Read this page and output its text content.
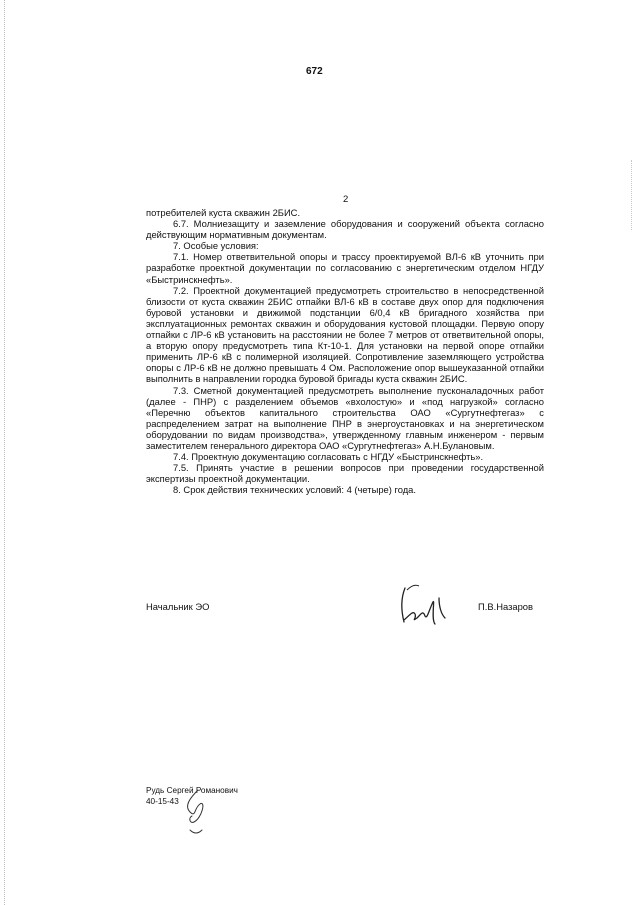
672
2

потребителей куста скважин 2БИС.

6.7. Молниезащиту и заземление оборудования и сооружений объекта согласно действующим нормативным документам.

7. Особые условия:

7.1. Номер ответвительной опоры и трассу проектируемой ВЛ-6 кВ уточнить при разработке проектной документации по согласованию с энергетическим отделом НГДУ «Быстринскнефть».

7.2. Проектной документацией предусмотреть строительство в непосредственной близости от куста скважин 2БИС отпайки ВЛ-6 кВ в составе двух опор для подключения буровой установки и движимой подстанции 6/0,4 кВ бригадного хозяйства при эксплуатационных ремонтах скважин и оборудования кустовой площадки. Первую опору отпайки с ЛР-6 кВ установить на расстоянии не более 7 метров от ответвительной опоры, а вторую опору предусмотреть типа Кт-10-1. Для установки на первой опоре отпайки применить ЛР-6 кВ с полимерной изоляцией. Сопротивление заземляющего устройства опоры с ЛР-6 кВ не должно превышать 4 Ом. Расположение опор вышеуказанной отпайки выполнить в направлении городка буровой бригады куста скважин 2БИС.

7.3. Сметной документацией предусмотреть выполнение пусконаладочных работ (далее - ПНР) с разделением объемов «вхолостую» и «под нагрузкой» согласно «Перечню объектов капитального строительства ОАО «Сургутнефтегаз» с распределением затрат на выполнение ПНР в энергоустановках и на энергетическом оборудовании по видам производства», утвержденному главным инженером - первым заместителем генерального директора ОАО «Сургутнефтегаз» А.Н.Булановым.

7.4. Проектную документацию согласовать с НГДУ «Быстринскнефть».

7.5. Принять участие в решении вопросов при проведении государственной экспертизы проектной документации.

8. Срок действия технических условий: 4 (четыре) года.

Начальник ЭО	П.В.Назаров
Рудь Сергей Романович
40-15-43
